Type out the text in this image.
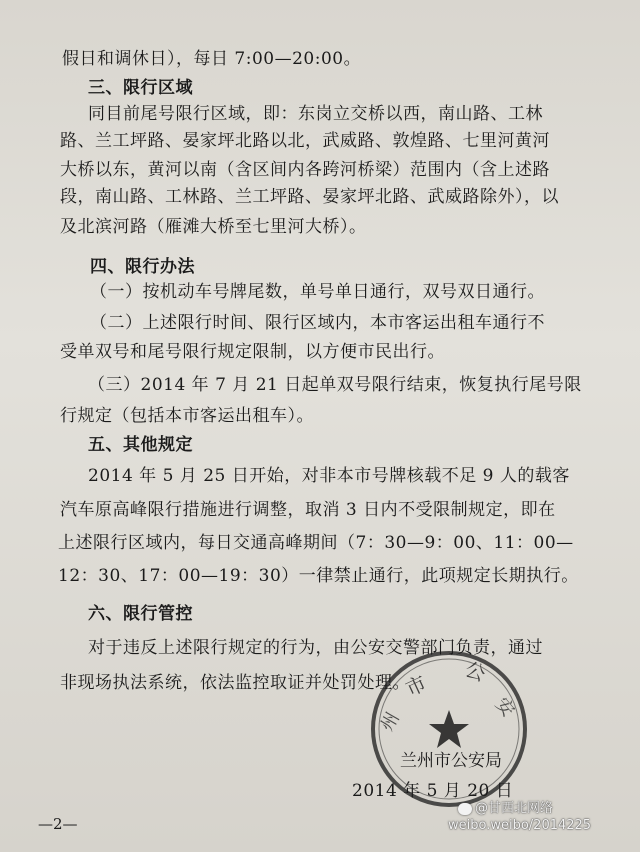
假日和调休日），每日 7:00—20:00。
三、限行区域
同目前尾号限行区域，即：东岗立交桥以西，南山路、工林
路、兰工坪路、晏家坪北路以北，武威路、敦煌路、七里河黄河
大桥以东，黄河以南（含区间内各跨河桥梁）范围内（含上述路
段，南山路、工林路、兰工坪路、晏家坪北路、武威路除外），以
及北滨河路（雁滩大桥至七里河大桥）。
四、限行办法
（一）按机动车号牌尾数，单号单日通行，双号双日通行。
（二）上述限行时间、限行区域内，本市客运出租车通行不
受单双号和尾号限行规定限制，以方便市民出行。
（三）2014 年 7 月 21 日起单双号限行结束，恢复执行尾号限
行规定（包括本市客运出租车）。
五、其他规定
2014 年 5 月 25 日开始，对非本市号牌核载不足 9 人的载客
汽车原高峰限行措施进行调整，取消 3 日内不受限制规定，即在
上述限行区域内，每日交通高峰期间（7：30—9：00、11：00—
12：30、17：00—19：30）一律禁止通行，此项规定长期执行。
六、限行管控
对于违反上述限行规定的行为，由公安交警部门负责，通过
非现场执法系统，依法监控取证并处罚处理。
市 公
安
州
兰州市公安局
2014 年 5 月 20 日
—2—
@甘西北网络
weibo.weibo/2014225
